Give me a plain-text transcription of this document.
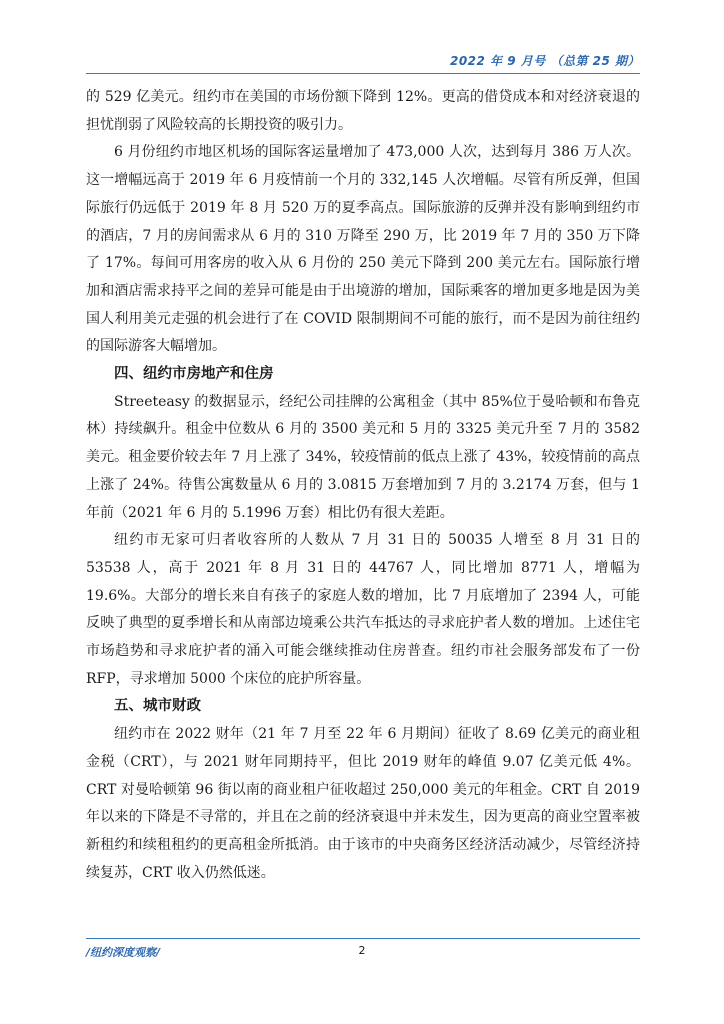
2022 年 9 月号 （总第 25 期）

的 529 亿美元。纽约市在美国的市场份额下降到 12%。更高的借贷成本和对经济衰退的担忧削弱了风险较高的长期投资的吸引力。

6 月份纽约市地区机场的国际客运量增加了 473,000 人次，达到每月 386 万人次。这一增幅远高于 2019 年 6 月疫情前一个月的 332,145 人次增幅。尽管有所反弹，但国际旅行仍远低于 2019 年 8 月 520 万的夏季高点。国际旅游的反弹并没有影响到纽约市的酒店，7 月的房间需求从 6 月的 310 万降至 290 万，比 2019 年 7 月的 350 万下降了 17%。每间可用客房的收入从 6 月份的 250 美元下降到 200 美元左右。国际旅行增加和酒店需求持平之间的差异可能是由于出境游的增加，国际乘客的增加更多地是因为美国人利用美元走强的机会进行了在 COVID 限制期间不可能的旅行，而不是因为前往纽约的国际游客大幅增加。

四、纽约市房地产和住房

Streeteasy 的数据显示，经纪公司挂牌的公寓租金（其中 85%位于曼哈顿和布鲁克林）持续飙升。租金中位数从 6 月的 3500 美元和 5 月的 3325 美元升至 7 月的 3582 美元。租金要价较去年 7 月上涨了 34%，较疫情前的低点上涨了 43%，较疫情前的高点上涨了 24%。待售公寓数量从 6 月的 3.0815 万套增加到 7 月的 3.2174 万套，但与 1 年前（2021 年 6 月的 5.1996 万套）相比仍有很大差距。

纽约市无家可归者收容所的人数从 7 月 31 日的 50035 人增至 8 月 31 日的 53538 人，高于 2021 年 8 月 31 日的 44767 人，同比增加 8771 人，增幅为 19.6%。大部分的增长来自有孩子的家庭人数的增加，比 7 月底增加了 2394 人，可能反映了典型的夏季增长和从南部边境乘公共汽车抵达的寻求庇护者人数的增加。上述住宅市场趋势和寻求庇护者的涌入可能会继续推动住房普查。纽约市社会服务部发布了一份 RFP，寻求增加 5000 个床位的庇护所容量。

五、城市财政

纽约市在 2022 财年（21 年 7 月至 22 年 6 月期间）征收了 8.69 亿美元的商业租金税（CRT），与 2021 财年同期持平，但比 2019 财年的峰值 9.07 亿美元低 4%。CRT 对曼哈顿第 96 街以南的商业租户征收超过 250,000 美元的年租金。CRT 自 2019 年以来的下降是不寻常的，并且在之前的经济衰退中并未发生，因为更高的商业空置率被新租约和续租租约的更高租金所抵消。由于该市的中央商务区经济活动减少，尽管经济持续复苏，CRT 收入仍然低迷。

/纽约深度观察/	2
